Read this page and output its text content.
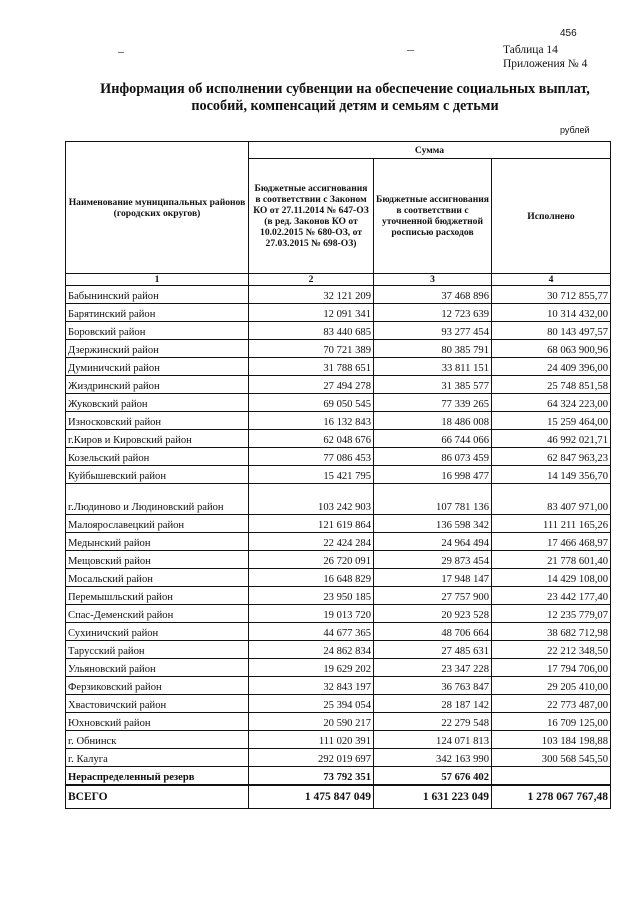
456
Таблица 14
Приложения № 4
Информация об исполнении субвенции на обеспечение социальных выплат,
пособий, компенсаций детям и семьям с детьми
рублей
Наименование муниципальных районов (городских округов)	Сумма		
	Бюджетные ассигнования в соответствии с Законом КО от 27.11.2014 № 647-ОЗ (в ред. Законов КО от 10.02.2015 № 680-ОЗ, от 27.03.2015 № 698-ОЗ)	Бюджетные ассигнования в соответствии с уточненной бюджетной росписью расходов	Исполнено
1	2	3	4
Бабынинский район	32 121 209	37 468 896	30 712 855,77
Барятинский район	12 091 341	12 723 639	10 314 432,00
Боровский район	83 440 685	93 277 454	80 143 497,57
Дзержинский район	70 721 389	80 385 791	68 063 900,96
Думиничский район	31 788 651	33 811 151	24 409 396,00
Жиздринский район	27 494 278	31 385 577	25 748 851,58
Жуковский район	69 050 545	77 339 265	64 324 223,00
Износковский район	16 132 843	18 486 008	15 259 464,00
г.Киров и Кировский район	62 048 676	66 744 066	46 992 021,71
Козельский район	77 086 453	86 073 459	62 847 963,23
Куйбышевский район	15 421 795	16 998 477	14 149 356,70
г.Людиново и Людиновский район	103 242 903	107 781 136	83 407 971,00
Малоярославецкий район	121 619 864	136 598 342	111 211 165,26
Медынский район	22 424 284	24 964 494	17 466 468,97
Мещовский район	26 720 091	29 873 454	21 778 601,40
Мосальский район	16 648 829	17 948 147	14 429 108,00
Перемышльский район	23 950 185	27 757 900	23 442 177,40
Спас-Деменский район	19 013 720	20 923 528	12 235 779,07
Сухиничский район	44 677 365	48 706 664	38 682 712,98
Тарусский район	24 862 834	27 485 631	22 212 348,50
Ульяновский район	19 629 202	23 347 228	17 794 706,00
Ферзиковский район	32 843 197	36 763 847	29 205 410,00
Хвастовичский район	25 394 054	28 187 142	22 773 487,00
Юхновский район	20 590 217	22 279 548	16 709 125,00
г. Обнинск	111 020 391	124 071 813	103 184 198,88
г. Калуга	292 019 697	342 163 990	300 568 545,50
Нераспределенный резерв	73 792 351	57 676 402	
ВСЕГО	1 475 847 049	1 631 223 049	1 278 067 767,48
